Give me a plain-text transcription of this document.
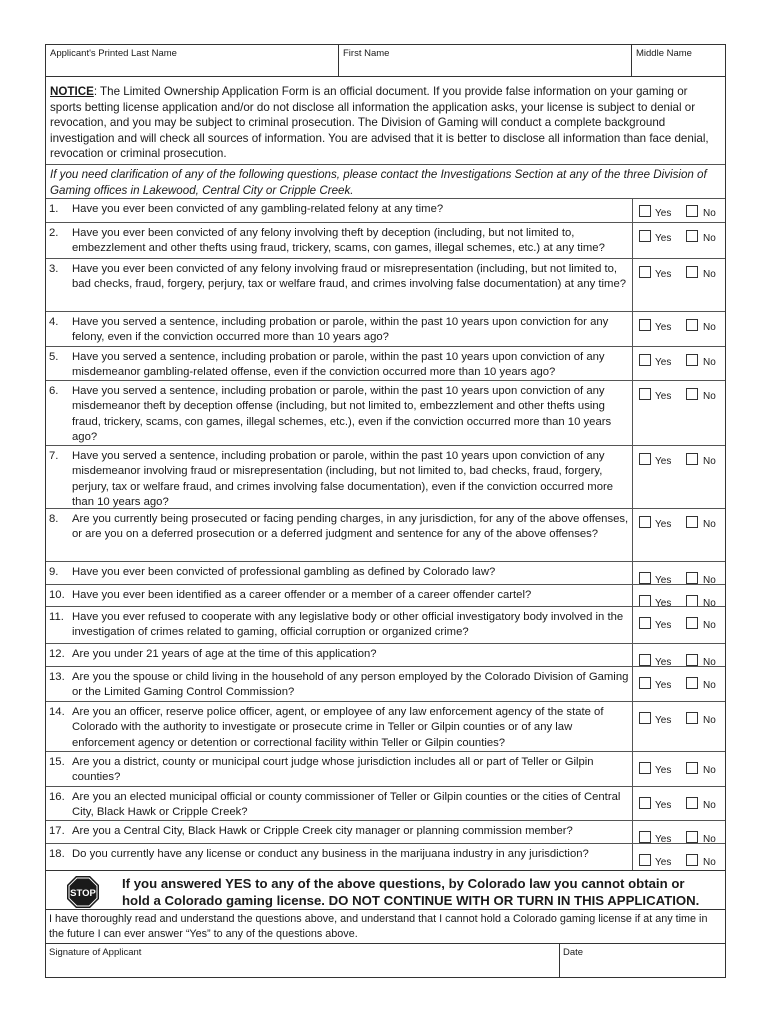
Applicant's Printed Last Name	First Name	Middle Name
NOTICE: The Limited Ownership Application Form is an official document. If you provide false information on your gaming or sports betting license application and/or do not disclose all information the application asks, your license is subject to denial or revocation, and you may be subject to criminal prosecution. The Division of Gaming will conduct a complete background investigation and will check all sources of information. You are advised that it is better to disclose all information than face denial, revocation or criminal prosecution.
If you need clarification of any of the following questions, please contact the Investigations Section at any of the three Division of Gaming offices in Lakewood, Central City or Cripple Creek.
1. Have you ever been convicted of any gambling-related felony at any time?	Yes	No
2. Have you ever been convicted of any felony involving theft by deception (including, but not limited to, embezzlement and other thefts using fraud, trickery, scams, con games, illegal schemes, etc.) at any time?
Yes	No
3. Have you ever been convicted of any felony involving fraud or misrepresentation (including, but not limited to, bad checks, fraud, forgery, perjury, tax or welfare fraud, and crimes involving false documentation) at any time?
Yes	No
4. Have you served a sentence, including probation or parole, within the past 10 years upon conviction for any felony, even if the conviction occurred more than 10 years ago?
Yes	No
5. Have you served a sentence, including probation or parole, within the past 10 years upon conviction of any misdemeanor gambling-related offense, even if the conviction occurred more than 10 years ago?
Yes	No
6. Have you served a sentence, including probation or parole, within the past 10 years upon conviction of any misdemeanor theft by deception offense (including, but not limited to, embezzlement and other thefts using fraud, trickery, scams, con games, illegal schemes, etc.), even if the conviction occurred more than 10 years ago?
Yes	No
7. Have you served a sentence, including probation or parole, within the past 10 years upon conviction of any misdemeanor involving fraud or misrepresentation (including, but not limited to, bad checks, fraud, forgery, perjury, tax or welfare fraud, and crimes involving false documentation), even if the conviction occurred more than 10 years ago?
Yes	No
8. Are you currently being prosecuted or facing pending charges, in any jurisdiction, for any of the above offenses, or are you on a deferred prosecution or a deferred judgment and sentence for any of the above offenses?
Yes	No
9. Have you ever been convicted of professional gambling as defined by Colorado law?
Yes	No
10. Have you ever been identified as a career offender or a member of a career offender cartel?
Yes	No
11. Have you ever refused to cooperate with any legislative body or other official investigatory body involved in the investigation of crimes related to gaming, official corruption or organized crime?
Yes	No
12. Are you under 21 years of age at the time of this application?
Yes	No
13. Are you the spouse or child living in the household of any person employed by the Colorado Division of Gaming or the Limited Gaming Control Commission?
Yes	No
14. Are you an officer, reserve police officer, agent, or employee of any law enforcement agency of the state of Colorado with the authority to investigate or prosecute crime in Teller or Gilpin counties or of any law enforcement agency or detention or correctional facility within Teller or Gilpin counties?
Yes	No
15. Are you a district, county or municipal court judge whose jurisdiction includes all or part of Teller or Gilpin counties?
Yes	No
16. Are you an elected municipal official or county commissioner of Teller or Gilpin counties or the cities of Central City, Black Hawk or Cripple Creek?
Yes	No
17. Are you a Central City, Black Hawk or Cripple Creek city manager or planning commission member?
Yes	No
18. Do you currently have any license or conduct any business in the marijuana industry in any jurisdiction?
Yes	No
STOP
If you answered YES to any of the above questions, by Colorado law you cannot obtain or
hold a Colorado gaming license. DO NOT CONTINUE WITH OR TURN IN THIS APPLICATION.
I have thoroughly read and understand the questions above, and understand that I cannot hold a Colorado gaming license if at any time in the future I can ever answer “Yes” to any of the questions above.
Signature of Applicant	Date
